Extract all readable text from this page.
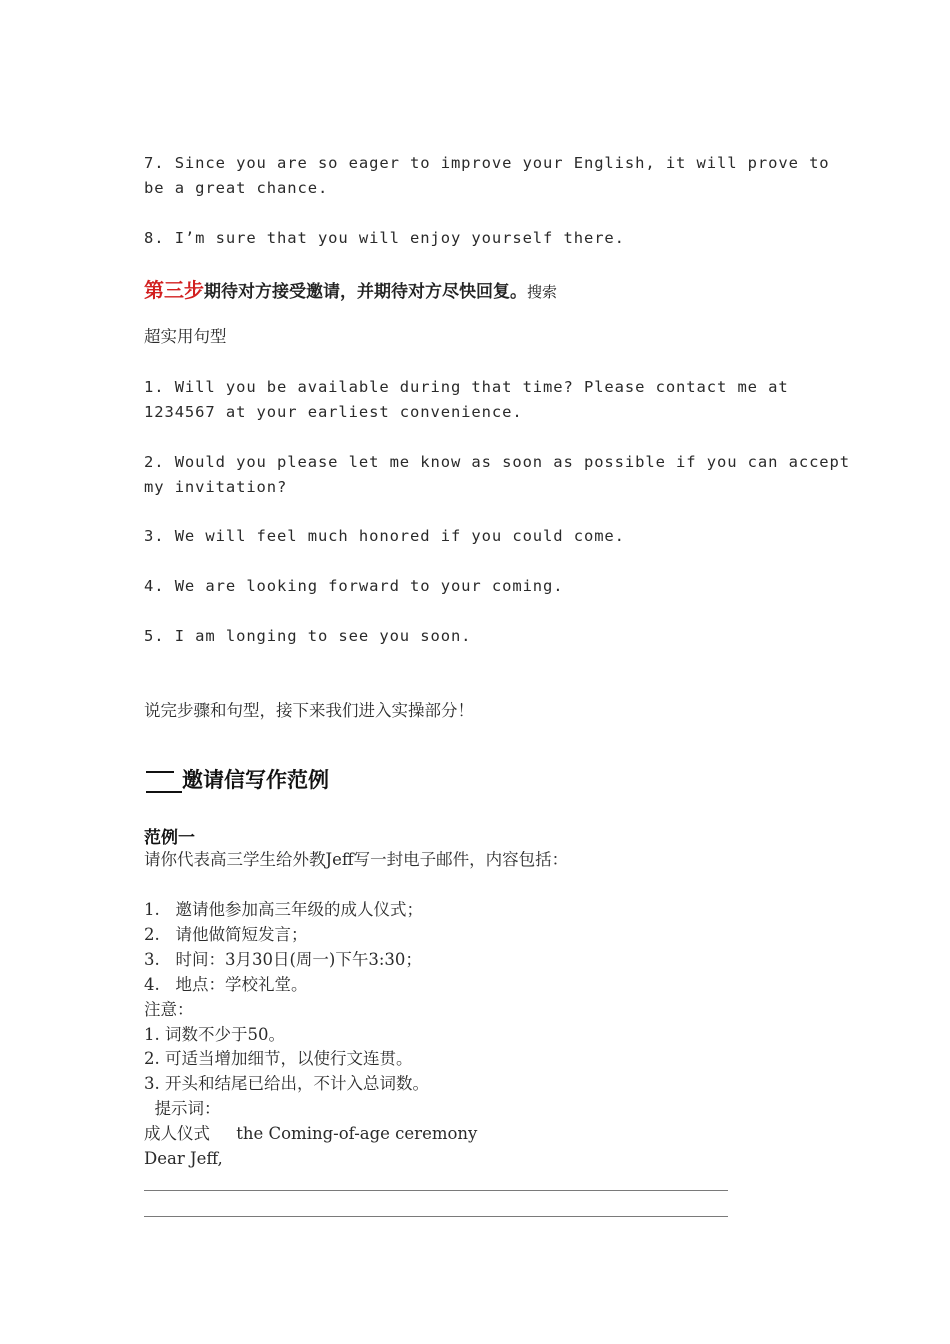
7. Since you are so eager to improve your English, it will prove to
be a great chance.
8. I’m sure that you will enjoy yourself there.
第三步期待对方接受邀请，并期待对方尽快回复。搜索
超实用句型
1. Will you be available during that time? Please contact me at
1234567 at your earliest convenience.
2. Would you please let me know as soon as possible if you can accept
my invitation?
3. We will feel much honored if you could come.
4. We are looking forward to your coming.
5. I am longing to see you soon.
说完步骤和句型，接下来我们进入实操部分！
邀请信写作范例
范例一
请你代表高三学生给外教Jeff写一封电子邮件，内容包括：
1.   邀请他参加高三年级的成人仪式；
2.   请他做简短发言；
3.   时间：3月30日(周一)下午3:30；
4.   地点：学校礼堂。
注意：
1. 词数不少于50。
2. 可适当增加细节，以使行文连贯。
3. 开头和结尾已给出，不计入总词数。
提示词：
成人仪式     the Coming-of-age ceremony
Dear Jeff,
